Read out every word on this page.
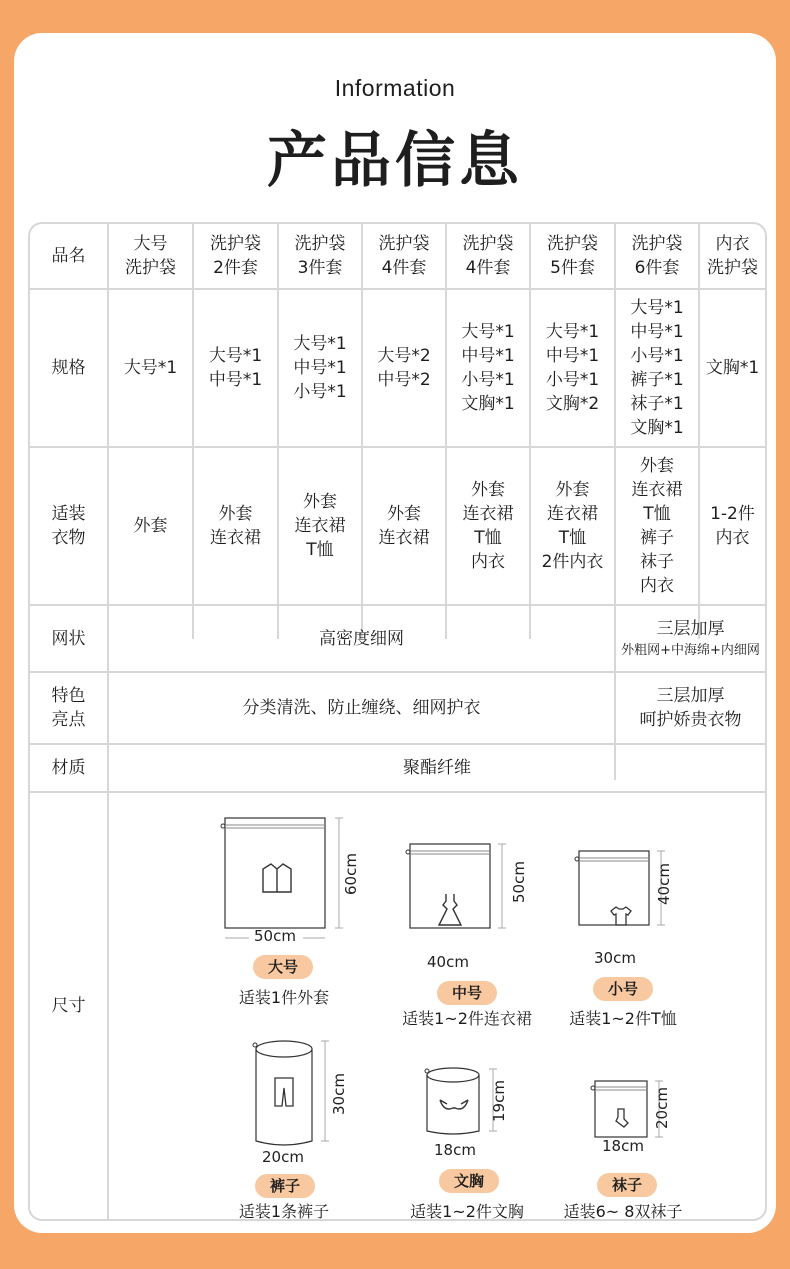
Information
产品信息
品名
规格
适装
衣物
网状
特色
亮点
材质
尺寸
大号
洗护袋
洗护袋
2件套
洗护袋
3件套
洗护袋
4件套
洗护袋
4件套
洗护袋
5件套
洗护袋
6件套
内衣
洗护袋
大号*1
大号*1
中号*1
大号*1
中号*1
小号*1
大号*2
中号*2
大号*1
中号*1
小号*1
文胸*1
大号*1
中号*1
小号*1
文胸*2
大号*1
中号*1
小号*1
裤子*1
袜子*1
文胸*1
文胸*1
外套
外套
连衣裙
外套
连衣裙
T恤
外套
连衣裙
外套
连衣裙
T恤
内衣
外套
连衣裙
T恤
2件内衣
外套
连衣裙
T恤
裤子
袜子
内衣
1-2件
内衣
高密度细网	三层加厚
外粗网+中海绵+内细网
分类清洗、防止缠绕、细网护衣
三层加厚
呵护娇贵衣物
聚酯纤维
50cm
60cm
大号
适装1件外套
40cm
50cm
中号
适装1~2件连衣裙
30cm
40cm
小号
适装1~2件T恤
20cm
30cm
裤子
适装1条裤子
18cm
19cm
文胸
适装1~2件文胸
18cm
20cm
袜子
适装6~ 8双袜子
